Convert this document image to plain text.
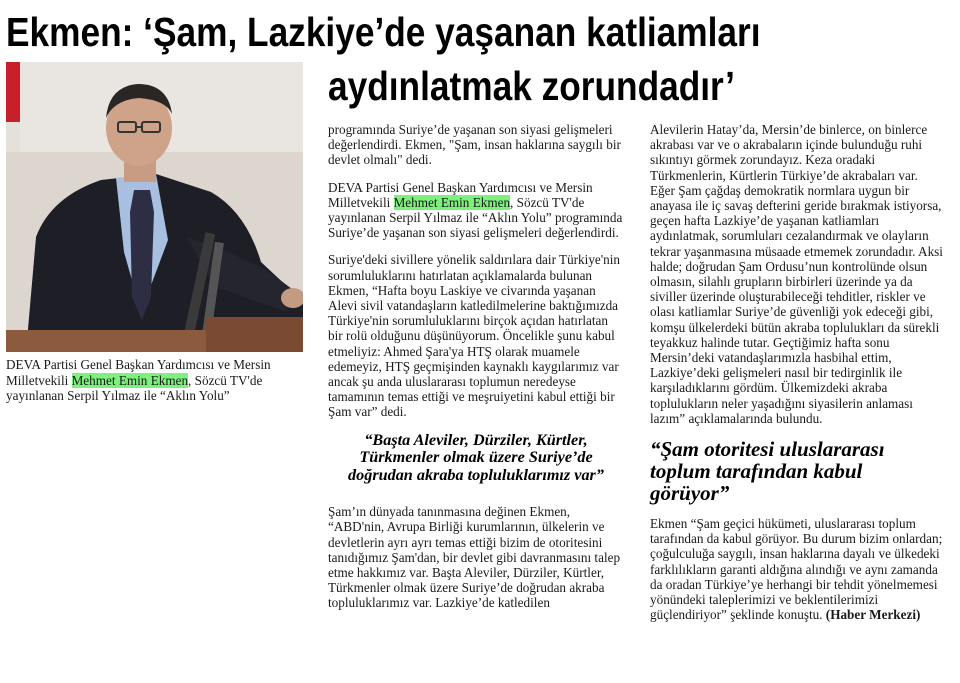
Ekmen: ‘Şam, Lazkiye’de yaşanan katliamları
aydınlatmak zorundadır’
DEVA Partisi Genel Başkan Yardımcısı ve Mersin Milletvekili Mehmet Emin Ekmen, Sözcü TV'de yayınlanan Serpil Yılmaz ile “Aklın Yolu”

programında Suriye’de yaşanan son siyasi gelişmeleri değerlendirdi. Ekmen, "Şam, insan haklarına saygılı bir devlet olmalı" dedi.

DEVA Partisi Genel Başkan Yardımcısı ve Mersin Milletvekili Mehmet Emin Ekmen, Sözcü TV'de yayınlanan Serpil Yılmaz ile “Aklın Yolu” programında Suriye’de yaşanan son siyasi gelişmeleri değerlendirdi.

Suriye'deki sivillere yönelik saldırılara dair Türkiye'nin sorumluluklarını hatırlatan açıklamalarda bulunan Ekmen, “Hafta boyu Laskiye ve civarında yaşanan Alevi sivil vatandaşların katledilmelerine baktığımızda Türkiye'nin sorumluluklarını birçok açıdan hatırlatan bir rolü olduğunu düşünüyorum. Öncelikle şunu kabul etmeliyiz: Ahmed Şara'ya HTŞ olarak muamele edemeyiz, HTŞ geçmişinden kaynaklı kaygılarımız var ancak şu anda uluslararası toplumun neredeyse tamamının temas ettiği ve meşruiyetini kabul ettiği bir Şam var” dedi.

“Başta Aleviler, Dürziler, Kürtler, Türkmenler olmak üzere Suriye’de doğrudan akraba topluluklarımız var”

Şam’ın dünyada tanınmasına değinen Ekmen, “ABD'nin, Avrupa Birliği kurumlarının, ülkelerin ve devletlerin ayrı ayrı temas ettiği bizim de otoritesini tanıdığımız Şam'dan, bir devlet gibi davranmasını talep etme hakkımız var. Başta Aleviler, Dürziler, Kürtler, Türkmenler olmak üzere Suriye’de doğrudan akraba topluluklarımız var. Lazkiye’de katledilen

Alevilerin Hatay’da, Mersin’de binlerce, on binlerce akrabası var ve o akrabaların içinde bulunduğu ruhi sıkıntıyı görmek zorundayız. Keza oradaki Türkmenlerin, Kürtlerin Türkiye’de akrabaları var. Eğer Şam çağdaş demokratik normlara uygun bir anayasa ile iç savaş defterini geride bırakmak istiyorsa, geçen hafta Lazkiye’de yaşanan katliamları aydınlatmak, sorumluları cezalandırmak ve olayların tekrar yaşanmasına müsaade etmemek zorundadır. Aksi halde; doğrudan Şam Ordusu’nun kontrolünde olsun olmasın, silahlı grupların birbirleri üzerinde ya da siviller üzerinde oluşturabileceği tehditler, riskler ve olası katliamlar Suriye’de güvenliği yok edeceği gibi, komşu ülkelerdeki bütün akraba toplulukları da sürekli teyakkuz halinde tutar. Geçtiğimiz hafta sonu Mersin’deki vatandaşlarımızla hasbihal ettim, Lazkiye’deki gelişmeleri nasıl bir tedirginlik ile karşıladıklarını gördüm. Ülkemizdeki akraba toplulukların neler yaşadığını siyasilerin anlaması lazım” açıklamalarında bulundu.

“Şam otoritesi uluslararası toplum tarafından kabul görüyor”

Ekmen “Şam geçici hükümeti, uluslararası toplum tarafından da kabul görüyor. Bu durum bizim onlardan; çoğulculuğa saygılı, insan haklarına dayalı ve ülkedeki farklılıkların garanti aldığına alındığı ve aynı zamanda da oradan Türkiye’ye herhangi bir tehdit yönelmemesi yönündeki taleplerimizi ve beklentilerimizi güçlendiriyor” şeklinde konuştu. (Haber Merkezi)
